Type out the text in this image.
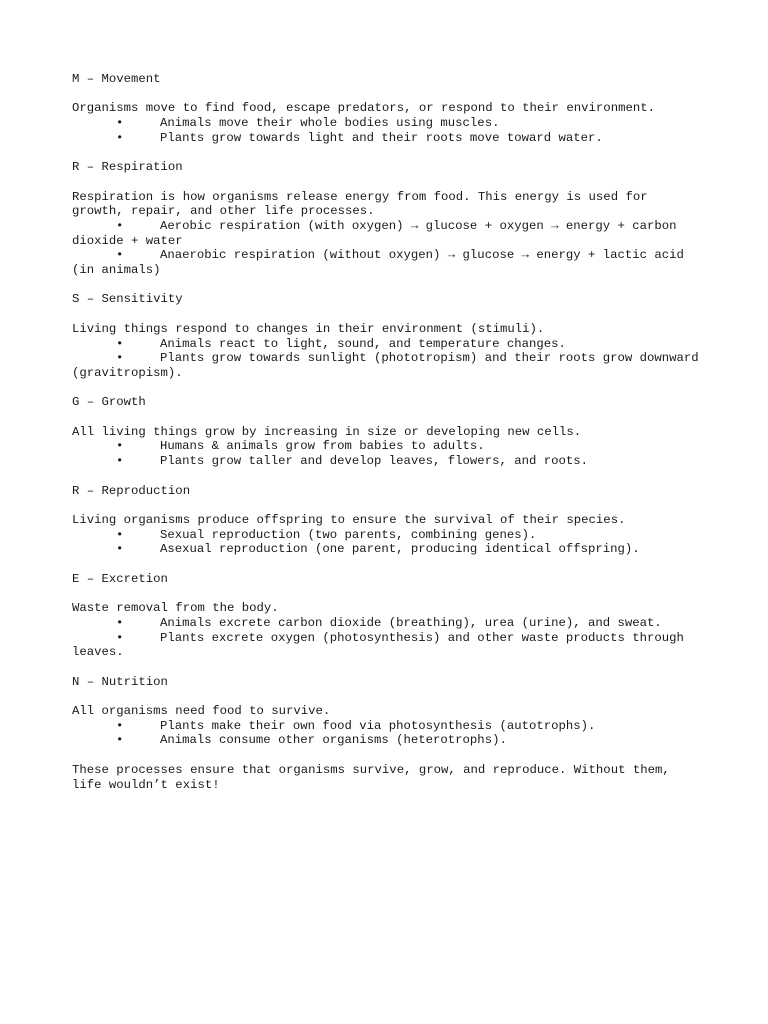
M – Movement

Organisms move to find food, escape predators, or respond to their environment.

•	Animals move their whole bodies using muscles.
•	Plants grow towards light and their roots move toward water.

R – Respiration

Respiration is how organisms release energy from food. This energy is used for growth, repair, and other life processes.

•	Aerobic respiration (with oxygen) → glucose + oxygen → energy + carbon dioxide + water
•	Anaerobic respiration (without oxygen) → glucose → energy + lactic acid (in animals)

S – Sensitivity

Living things respond to changes in their environment (stimuli).

•	Animals react to light, sound, and temperature changes.
•	Plants grow towards sunlight (phototropism) and their roots grow downward (gravitropism).

G – Growth

All living things grow by increasing in size or developing new cells.

•	Humans & animals grow from babies to adults.
•	Plants grow taller and develop leaves, flowers, and roots.

R – Reproduction

Living organisms produce offspring to ensure the survival of their species.

•	Sexual reproduction (two parents, combining genes).
•	Asexual reproduction (one parent, producing identical offspring).

E – Excretion

Waste removal from the body.

•	Animals excrete carbon dioxide (breathing), urea (urine), and sweat.
•	Plants excrete oxygen (photosynthesis) and other waste products through leaves.

N – Nutrition

All organisms need food to survive.

•	Plants make their own food via photosynthesis (autotrophs).
•	Animals consume other organisms (heterotrophs).

These processes ensure that organisms survive, grow, and reproduce. Without them, life wouldn’t exist!
